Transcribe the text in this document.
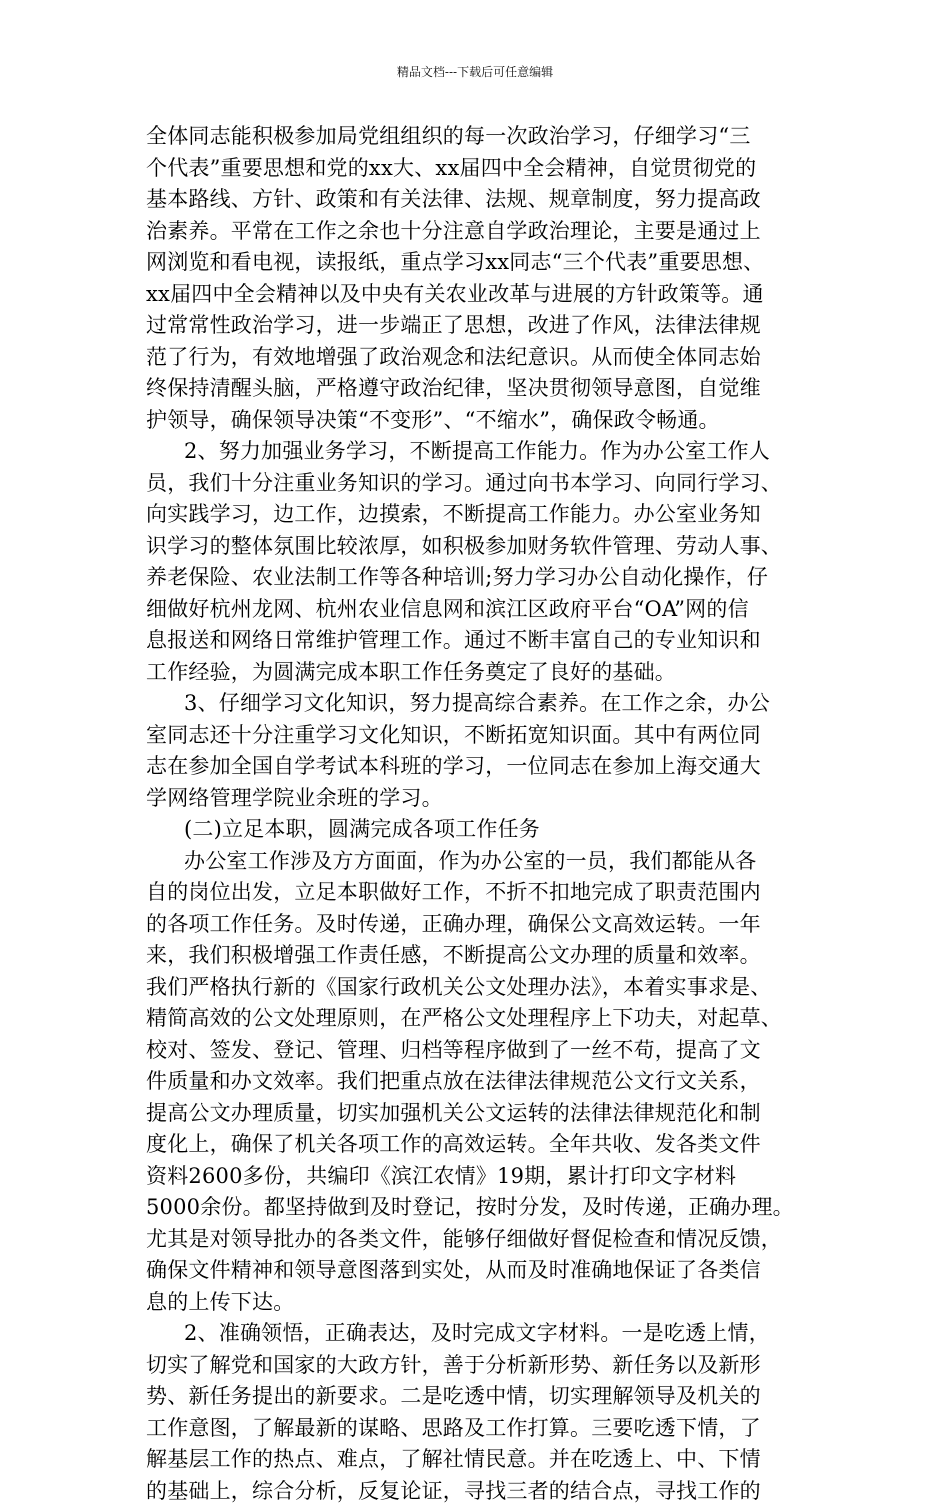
精品文档---下载后可任意编辑
全体同志能积极参加局党组组织的每一次政治学习，仔细学习“三
个代表”重要思想和党的xx大、xx届四中全会精神，自觉贯彻党的
基本路线、方针、政策和有关法律、法规、规章制度，努力提高政
治素养。平常在工作之余也十分注意自学政治理论，主要是通过上
网浏览和看电视，读报纸，重点学习xx同志“三个代表”重要思想、
xx届四中全会精神以及中央有关农业改革与进展的方针政策等。通
过常常性政治学习，进一步端正了思想，改进了作风，法律法律规
范了行为，有效地增强了政治观念和法纪意识。从而使全体同志始
终保持清醒头脑，严格遵守政治纪律，坚决贯彻领导意图，自觉维
护领导，确保领导决策“不变形”、“不缩水”，确保政令畅通。
2、努力加强业务学习，不断提高工作能力。作为办公室工作人
员，我们十分注重业务知识的学习。通过向书本学习、向同行学习、
向实践学习，边工作，边摸索，不断提高工作能力。办公室业务知
识学习的整体氛围比较浓厚，如积极参加财务软件管理、劳动人事、
养老保险、农业法制工作等各种培训;努力学习办公自动化操作，仔
细做好杭州龙网、杭州农业信息网和滨江区政府平台“OA”网的信
息报送和网络日常维护管理工作。通过不断丰富自己的专业知识和
工作经验，为圆满完成本职工作任务奠定了良好的基础。
3、仔细学习文化知识，努力提高综合素养。在工作之余，办公
室同志还十分注重学习文化知识，不断拓宽知识面。其中有两位同
志在参加全国自学考试本科班的学习，一位同志在参加上海交通大
学网络管理学院业余班的学习。
(二)立足本职，圆满完成各项工作任务
办公室工作涉及方方面面，作为办公室的一员，我们都能从各
自的岗位出发，立足本职做好工作，不折不扣地完成了职责范围内
的各项工作任务。及时传递，正确办理，确保公文高效运转。一年
来，我们积极增强工作责任感，不断提高公文办理的质量和效率。
我们严格执行新的《国家行政机关公文处理办法》，本着实事求是、
精简高效的公文处理原则，在严格公文处理程序上下功夫，对起草、
校对、签发、登记、管理、归档等程序做到了一丝不苟，提高了文
件质量和办文效率。我们把重点放在法律法律规范公文行文关系，
提高公文办理质量，切实加强机关公文运转的法律法律规范化和制
度化上，确保了机关各项工作的高效运转。全年共收、发各类文件
资料2600多份，共编印《滨江农情》19期，累计打印文字材料
5000余份。都坚持做到及时登记，按时分发，及时传递，正确办理。
尤其是对领导批办的各类文件，能够仔细做好督促检查和情况反馈，
确保文件精神和领导意图落到实处，从而及时准确地保证了各类信
息的上传下达。
2、准确领悟，正确表达，及时完成文字材料。一是吃透上情，
切实了解党和国家的大政方针，善于分析新形势、新任务以及新形
势、新任务提出的新要求。二是吃透中情，切实理解领导及机关的
工作意图，了解最新的谋略、思路及工作打算。三要吃透下情，了
解基层工作的热点、难点，了解社情民意。并在吃透上、中、下情
的基础上，综合分析，反复论证，寻找三者的结合点，寻找工作的
